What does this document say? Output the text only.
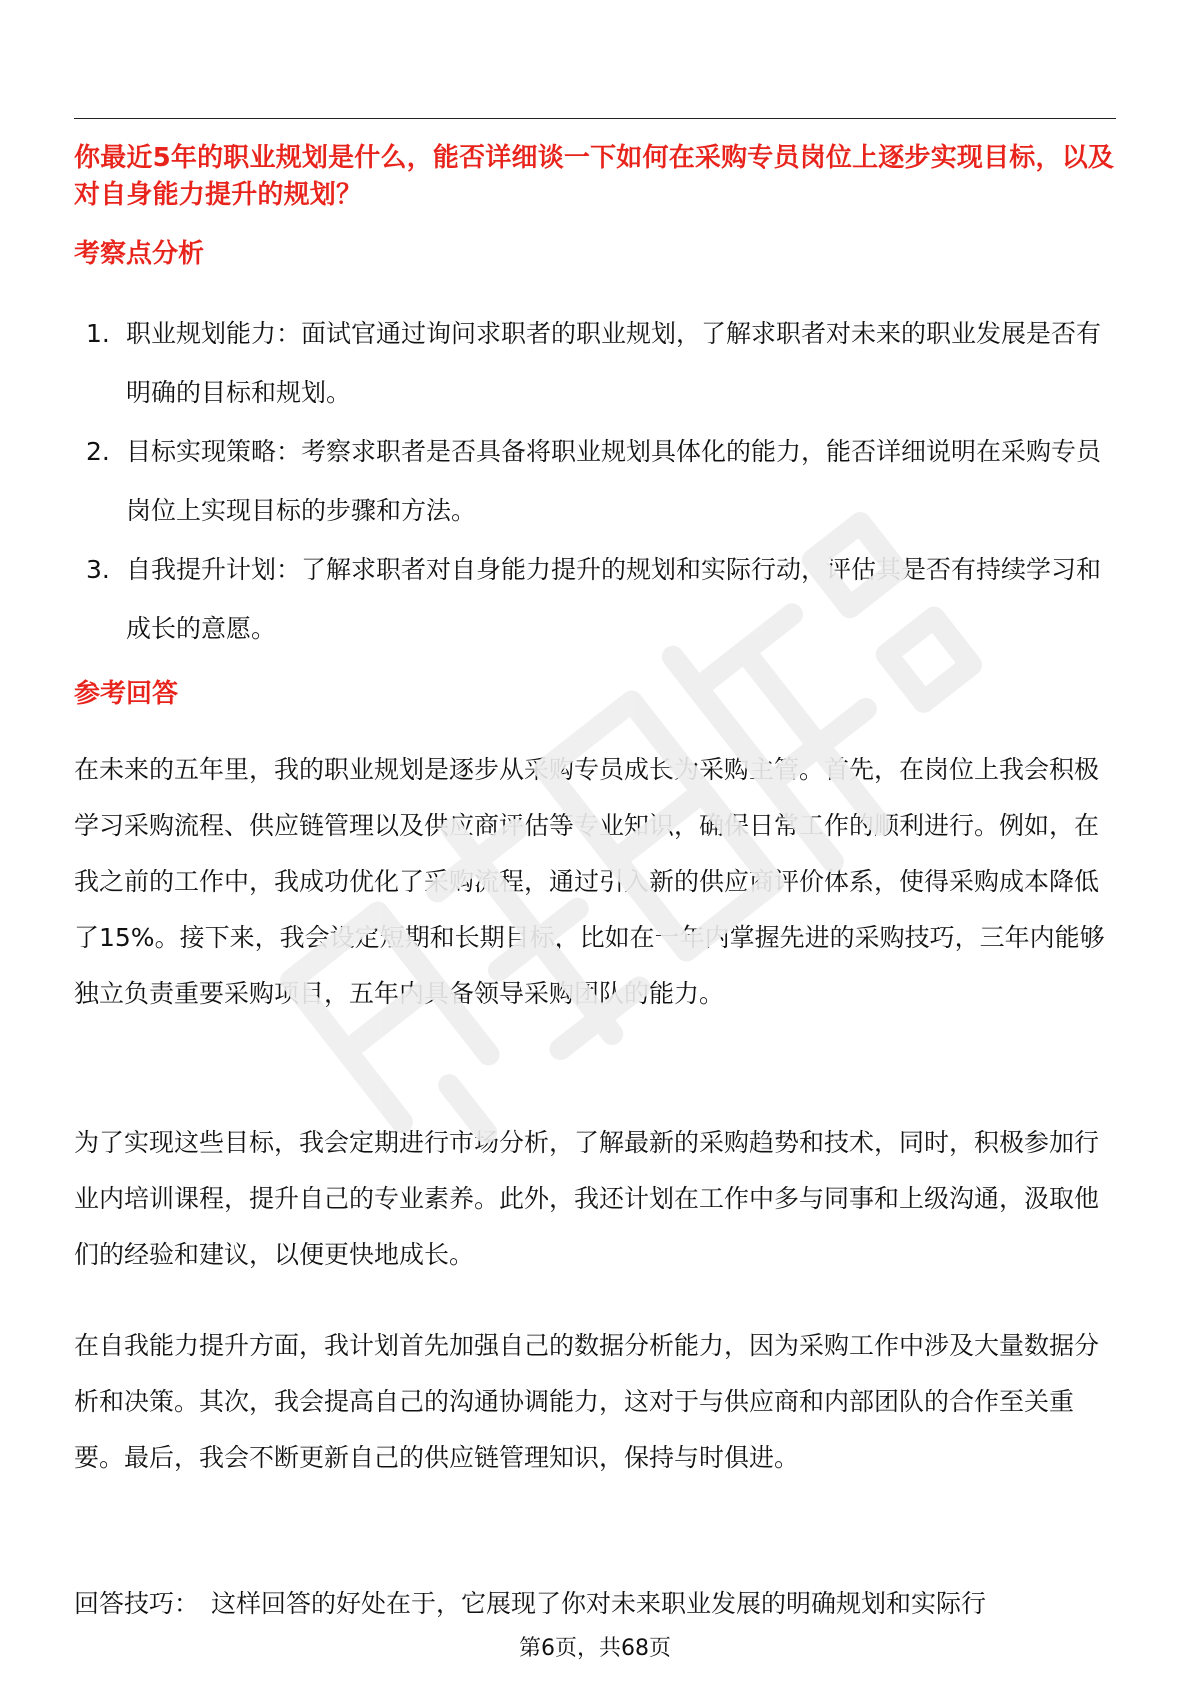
你最近5年的职业规划是什么，能否详细谈一下如何在采购专员岗位上逐步实现目标，以及对自身能力提升的规划？
考察点分析
1. 职业规划能力：面试官通过询问求职者的职业规划，了解求职者对未来的职业发展是否有明确的目标和规划。
2. 目标实现策略：考察求职者是否具备将职业规划具体化的能力，能否详细说明在采购专员岗位上实现目标的步骤和方法。
3. 自我提升计划：了解求职者对自身能力提升的规划和实际行动，评估其是否有持续学习和成长的意愿。
参考回答

在未来的五年里，我的职业规划是逐步从采购专员成长为采购主管。首先，在岗位上我会积极学习采购流程、供应链管理以及供应商评估等专业知识，确保日常工作的顺利进行。例如，在我之前的工作中，我成功优化了采购流程，通过引入新的供应商评价体系，使得采购成本降低了15%。接下来，我会设定短期和长期目标，比如在一年内掌握先进的采购技巧，三年内能够独立负责重要采购项目，五年内具备领导采购团队的能力。

为了实现这些目标，我会定期进行市场分析，了解最新的采购趋势和技术，同时，积极参加行业内培训课程，提升自己的专业素养。此外，我还计划在工作中多与同事和上级沟通，汲取他们的经验和建议，以便更快地成长。

在自我能力提升方面，我计划首先加强自己的数据分析能力，因为采购工作中涉及大量数据分析和决策。其次，我会提高自己的沟通协调能力，这对于与供应商和内部团队的合作至关重要。最后，我会不断更新自己的供应链管理知识，保持与时俱进。

回答技巧： 这样回答的好处在于，它展现了你对未来职业发展的明确规划和实际行

第6页，共68页
